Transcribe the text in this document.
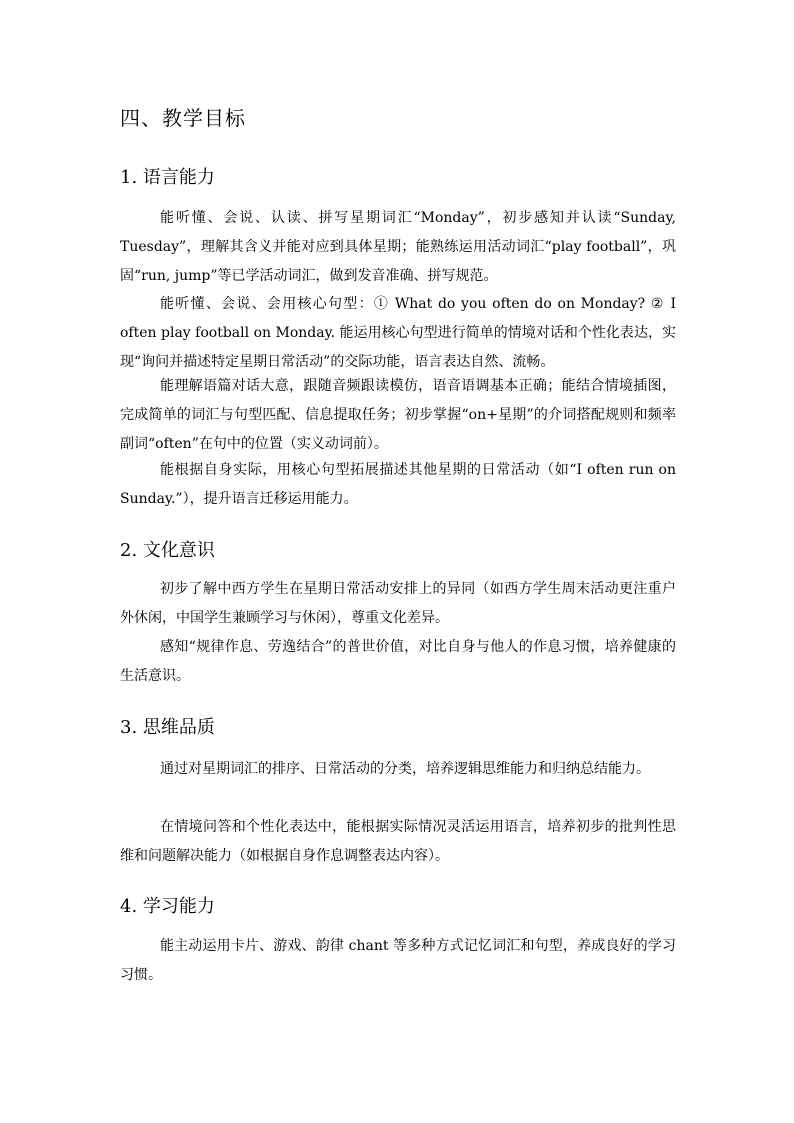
四、教学目标
1. 语言能力

能听懂、会说、认读、拼写星期词汇“Monday”，初步感知并认读“Sunday, Tuesday”，理解其含义并能对应到具体星期；能熟练运用活动词汇“play football”，巩固“run, jump”等已学活动词汇，做到发音准确、拼写规范。

能听懂、会说、会用核心句型：① What do you often do on Monday? ② I often play football on Monday. 能运用核心句型进行简单的情境对话和个性化表达，实现“询问并描述特定星期日常活动”的交际功能，语言表达自然、流畅。

能理解语篇对话大意，跟随音频跟读模仿，语音语调基本正确；能结合情境插图，完成简单的词汇与句型匹配、信息提取任务；初步掌握“on+星期”的介词搭配规则和频率副词“often”在句中的位置（实义动词前）。

能根据自身实际，用核心句型拓展描述其他星期的日常活动（如“I often run on Sunday.”），提升语言迁移运用能力。

2. 文化意识

初步了解中西方学生在星期日常活动安排上的异同（如西方学生周末活动更注重户外休闲，中国学生兼顾学习与休闲），尊重文化差异。

感知“规律作息、劳逸结合”的普世价值，对比自身与他人的作息习惯，培养健康的生活意识。

3. 思维品质

通过对星期词汇的排序、日常活动的分类，培养逻辑思维能力和归纳总结能力。

在情境问答和个性化表达中，能根据实际情况灵活运用语言，培养初步的批判性思维和问题解决能力（如根据自身作息调整表达内容）。

4. 学习能力

能主动运用卡片、游戏、韵律 chant 等多种方式记忆词汇和句型，养成良好的学习习惯。
